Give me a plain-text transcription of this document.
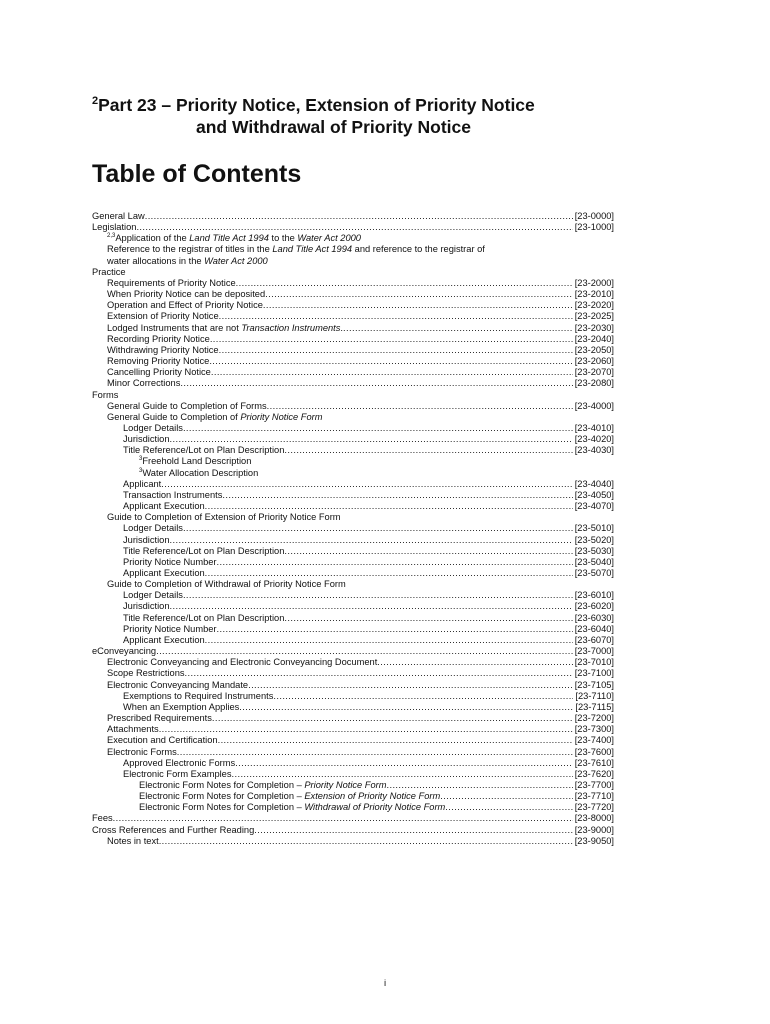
$^2$Part 23 – Priority Notice, Extension of Priority Notice
and Withdrawal of Priority Notice
Table of Contents
General Law .....	[23-0000]
Legislation .....	[23-1000]
$^{2,3}$Application of the Land Title Act 1994 to the Water Act 2000
Reference to the registrar of titles in the Land Title Act 1994 and reference to the registrar of
water allocations in the Water Act 2000
Practice
Requirements of Priority Notice .....	[23-2000]
When Priority Notice can be deposited .....	[23-2010]
Operation and Effect of Priority Notice .....	[23-2020]
Extension of Priority Notice .....	[23-2025]
Lodged Instruments that are not Transaction Instruments. .....	[23-2030]
Recording Priority Notice .....	[23-2040]
Withdrawing Priority Notice .....	[23-2050]
Removing Priority Notice .....	[23-2060]
Cancelling Priority Notice .....	[23-2070]
Minor Corrections .....	[23-2080]
Forms
General Guide to Completion of Forms .....	[23-4000]
General Guide to Completion of Priority Notice Form
Lodger Details .....	[23-4010]
Jurisdiction .....	[23-4020]
Title Reference/Lot on Plan Description .....	[23-4030]
$^3$Freehold Land Description
$^3$Water Allocation Description
Applicant .....	[23-4040]
Transaction Instruments .....	[23-4050]
Applicant Execution .....	[23-4070]
Guide to Completion of Extension of Priority Notice Form
Lodger Details .....	[23-5010]
Jurisdiction .....	[23-5020]
Title Reference/Lot on Plan Description .....	[23-5030]
Priority Notice Number .....	[23-5040]
Applicant Execution .....	[23-5070]
Guide to Completion of Withdrawal of Priority Notice Form
Lodger Details .....	[23-6010]
Jurisdiction .....	[23-6020]
Title Reference/Lot on Plan Description .....	[23-6030]
Priority Notice Number .....	[23-6040]
Applicant Execution .....	[23-6070]
eConveyancing .....	[23-7000]
Electronic Conveyancing and Electronic Conveyancing Document .....	[23-7010]
Scope Restrictions .....	[23-7100]
Electronic Conveyancing Mandate .....	[23-7105]
Exemptions to Required Instruments .....	[23-7110]
When an Exemption Applies .....	[23-7115]
Prescribed Requirements .....	[23-7200]
Attachments .....	[23-7300]
Execution and Certification .....	[23-7400]
Electronic Forms .....	[23-7600]
Approved Electronic Forms .....	[23-7610]
Electronic Form Examples .....	[23-7620]
Electronic Form Notes for Completion – Priority Notice Form .....	[23-7700]
Electronic Form Notes for Completion – Extension of Priority Notice Form .....	[23-7710]
Electronic Form Notes for Completion – Withdrawal of Priority Notice Form .....	[23-7720]
Fees .....	[23-8000]
Cross References and Further Reading .....	[23-9000]
Notes in text .....	[23-9050]
i
